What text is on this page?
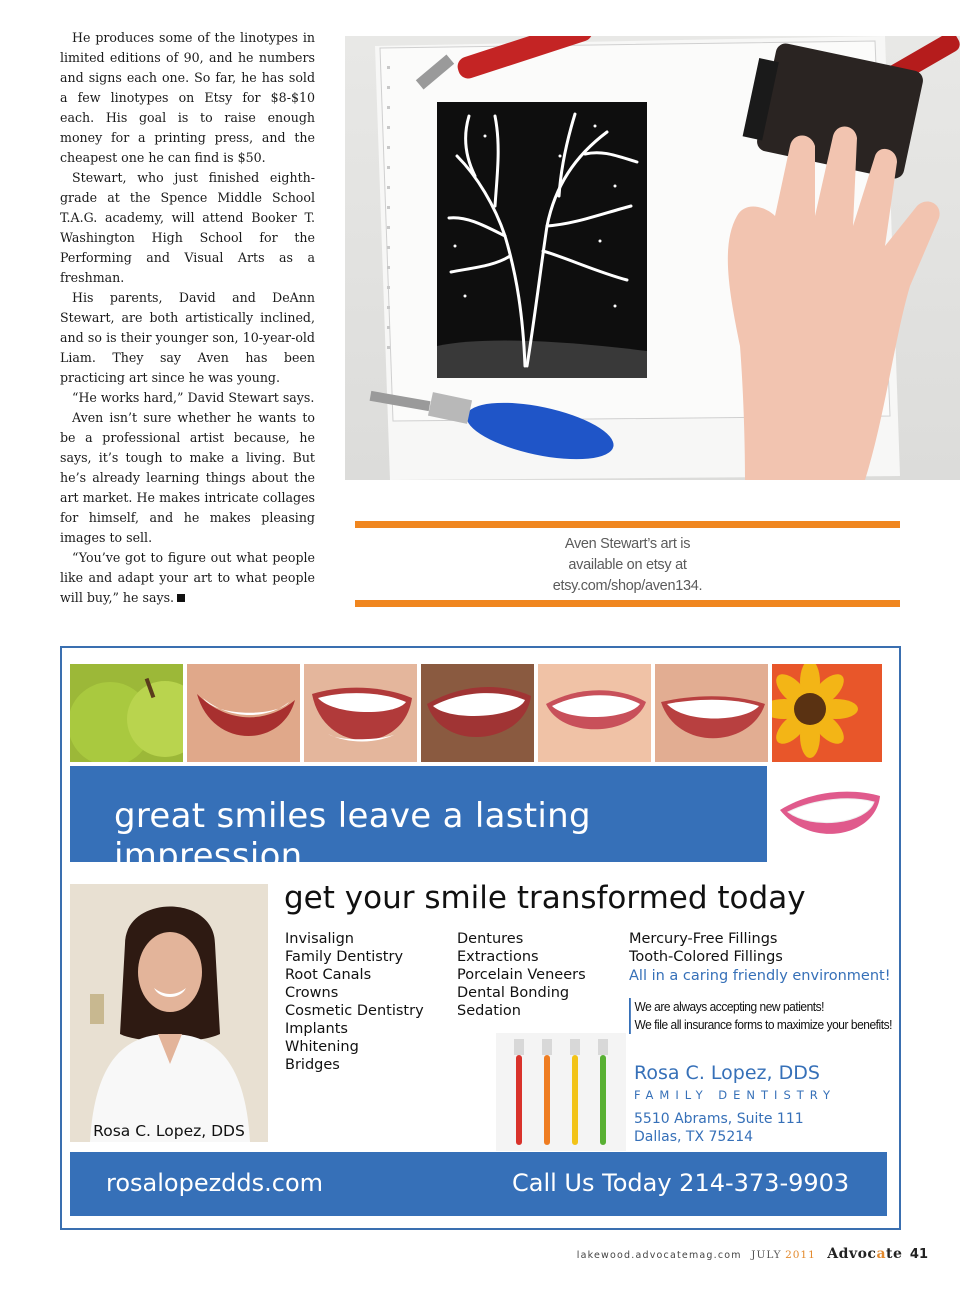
He produces some of the linotypes in limited editions of 90, and he numbers and signs each one. So far, he has sold a few linotypes on Etsy for $8-$10 each. His goal is to raise enough money for a printing press, and the cheapest one he can find is $50.

Stewart, who just finished eighth-grade at the Spence Middle School T.A.G. academy, will attend Booker T. Washington High School for the Performing and Visual Arts as a freshman.

His parents, David and DeAnn Stewart, are both artistically inclined, and so is their younger son, 10-year-old Liam. They say Aven has been practicing art since he was young.

“He works hard,” David Stewart says.

Aven isn’t sure whether he wants to be a professional artist because, he says, it’s tough to make a living. But he’s already learning things about the art market. He makes intricate collages for himself, and he makes pleasing images to sell.

“You’ve got to figure out what people like and adapt your art to what people will buy,” he says.

Aven Stewart’s art is
available on etsy at
etsy.com/shop/aven134.
great smiles leave a lasting impression
Rosa C. Lopez, DDS
get your smile transformed today
Invisalign
Family Dentistry
Root Canals
Crowns
Cosmetic Dentistry
Implants
Whitening
Bridges
Dentures
Extractions
Porcelain Veneers
Dental Bonding
Sedation
Mercury-Free Fillings
Tooth-Colored Fillings
All in a caring friendly environment!
We are always accepting new patients!
We file all insurance forms to maximize your benefits!
Rosa C. Lopez, DDS
FAMILY DENTISTRY
5510 Abrams, Suite 111
Dallas, TX 75214
rosalopezdds.com	Call Us Today 214-373-9903
lakewood.advocatemag.com JULY 2011 Advocate 41
